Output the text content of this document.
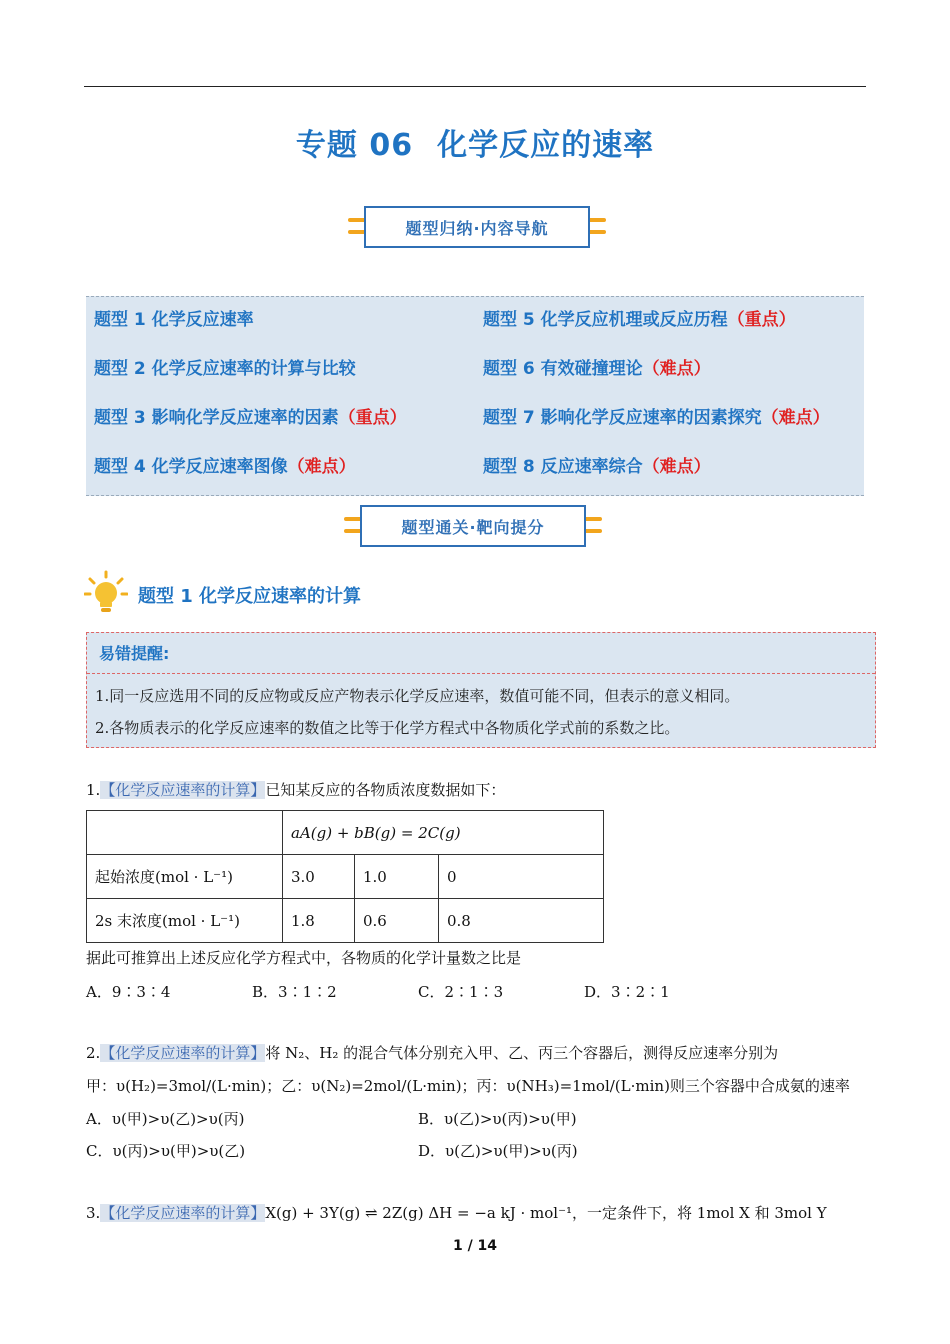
专题 06 化学反应的速率
题型归纳·内容导航
题型 1 化学反应速率
题型 2 化学反应速率的计算与比较
题型 3 影响化学反应速率的因素（重点）
题型 4 化学反应速率图像（难点）
题型 5 化学反应机理或反应历程（重点）
题型 6 有效碰撞理论（难点）
题型 7 影响化学反应速率的因素探究（难点）
题型 8 反应速率综合（难点）
题型通关·靶向提分
题型 1 化学反应速率的计算
易错提醒:
1.同一反应选用不同的反应物或反应产物表示化学反应速率，数值可能不同，但表示的意义相同。
2.各物质表示的化学反应速率的数值之比等于化学方程式中各物质化学式前的系数之比。
1.【化学反应速率的计算】已知某反应的各物质浓度数据如下：
	aA(g) + bB(g) = 2C(g)		
起始浓度(mol · L⁻¹)	3.0	1.0	0
2s 末浓度(mol · L⁻¹)	1.8	0.6	0.8
据此可推算出上述反应化学方程式中，各物质的化学计量数之比是
A．9∶3∶4	B．3∶1∶2	C．2∶1∶3	D．3∶2∶1
2.【化学反应速率的计算】将 N₂、H₂ 的混合气体分别充入甲、乙、丙三个容器后，测得反应速率分别为
甲：υ(H₂)=3mol/(L·min)；乙：υ(N₂)=2mol/(L·min)；丙：υ(NH₃)=1mol/(L·min)则三个容器中合成氨的速率
A．υ(甲)>υ(乙)>υ(丙)	B．υ(乙)>υ(丙)>υ(甲)
C．υ(丙)>υ(甲)>υ(乙)	D．υ(乙)>υ(甲)>υ(丙)
3.【化学反应速率的计算】X(g) + 3Y(g) ⇌ 2Z(g) ΔH = −a kJ · mol⁻¹，一定条件下，将 1mol X 和 3mol Y
1 / 14
